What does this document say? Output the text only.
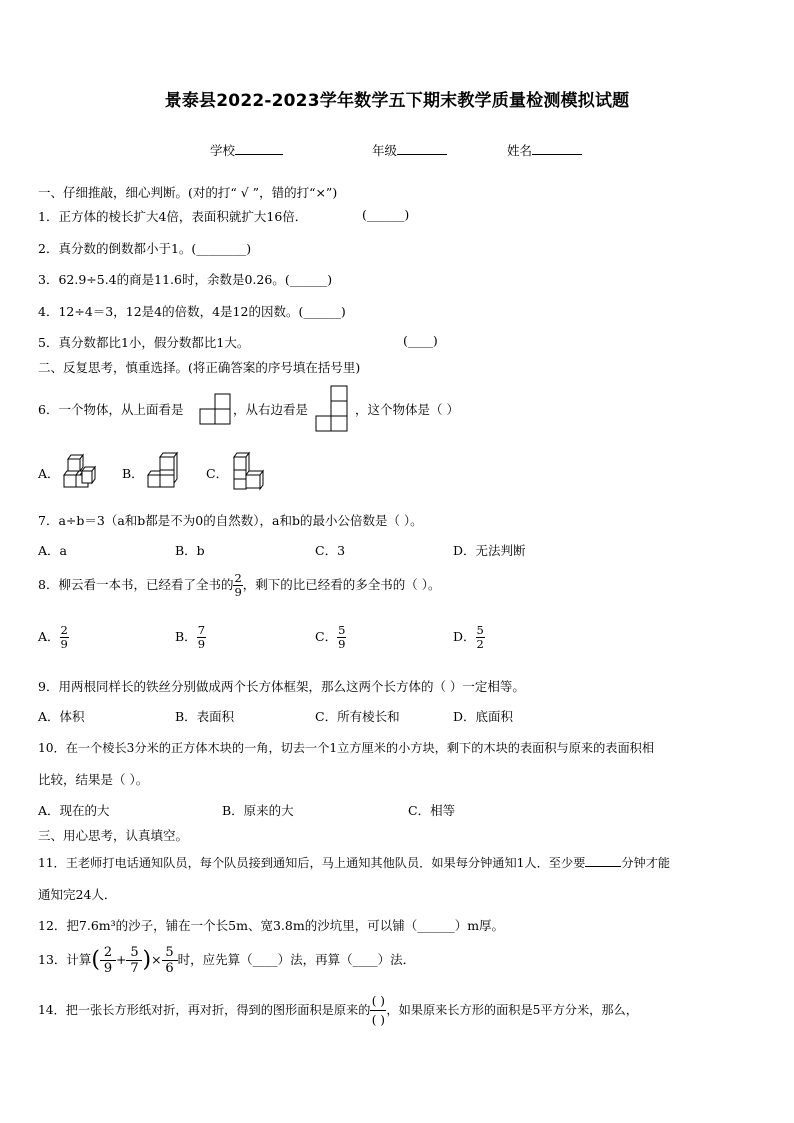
景泰县2022-2023学年数学五下期末教学质量检测模拟试题
学校	年级	姓名
一、仔细推敲，细心判断。(对的打“ √ ”，错的打“×”)
1．正方体的棱长扩大4倍，表面积就扩大16倍．	(______)
2．真分数的倒数都小于1。(________)
3．62.9÷5.4的商是11.6时，余数是0.26。(______)
4．12÷4＝3，12是4的倍数，4是12的因数。(______)
5．真分数都比1小，假分数都比1大。	(____)
二、反复思考，慎重选择。(将正确答案的序号填在括号里)
6．一个物体，从上面看是	，从右边看是	，这个物体是（ ）
A．	B．	C．
7．a÷b＝3（a和b都是不为0的自然数），a和b的最小公倍数是（ ）。
A．a	B．b	C．3	D．无法判断
8．柳云看一本书，已经看了全书的 $\frac{2}{9}$ ，剩下的比已经看的多全书的（ ）。
A． $\frac{2}{9}$	B． $\frac{7}{9}$	C． $\frac{5}{9}$	D． $\frac{5}{2}$
9．用两根同样长的铁丝分别做成两个长方体框架，那么这两个长方体的（ ）一定相等。
A．体积	B．表面积	C．所有棱长和	D．底面积
10．在一个棱长3分米的正方体木块的一角，切去一个1立方厘米的小方块，剩下的木块的表面积与原来的表面积相
比较，结果是（ ）。
A．现在的大	B．原来的大	C．相等
三、用心思考，认真填空。
11．王老师打电话通知队员，每个队员接到通知后，马上通知其他队员．如果每分钟通知1人．至少要	分钟才能
通知完24人．
12．把7.6m³的沙子，铺在一个长5m、宽3.8m的沙坑里，可以铺（______）m厚。
13．计算( $\frac{2}{9} + \frac{5}{7}$ )× $\frac{5}{6}$ 时，应先算（____）法，再算（____）法．
14．把一张长方形纸对折，再对折，得到的图形面积是原来的 $\frac{( )}{( )}$ ，如果原来长方形的面积是5平方分米，那么，
